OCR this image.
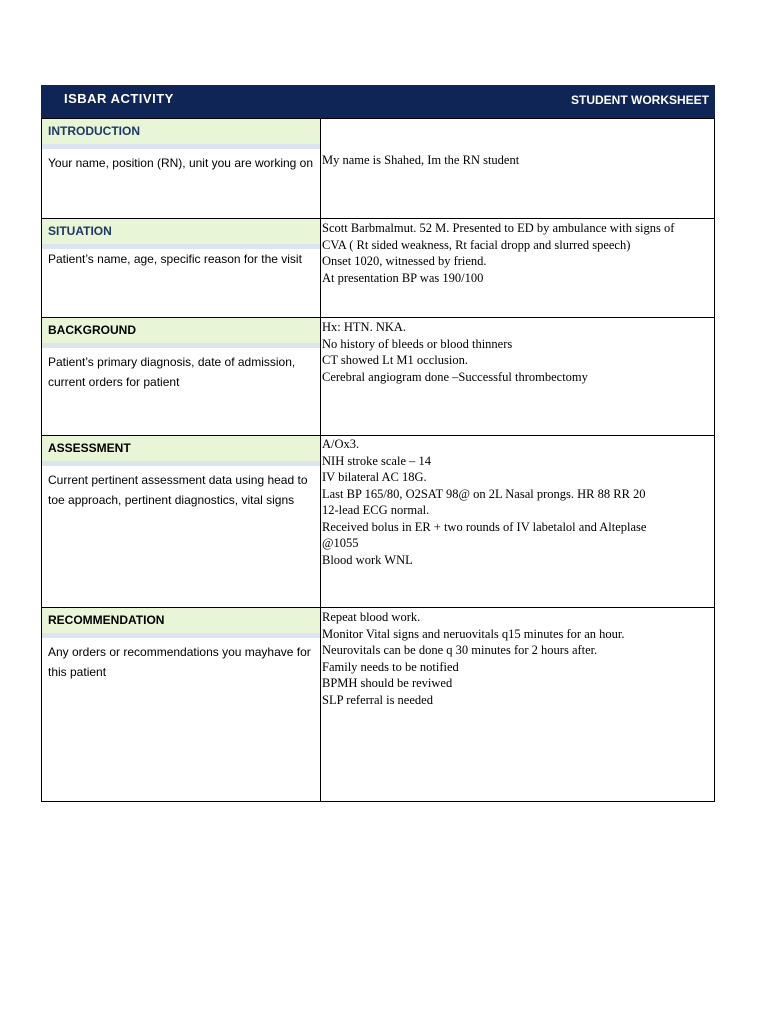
ISBAR ACTIVITY	STUDENT WORKSHEET
INTRODUCTION
Your name, position (RN), unit you are working on My name is Shahed, Im the RN student
SITUATION
Patient’s name, age, specific reason for the visit
Scott Barbmalmut. 52 M. Presented to ED by ambulance with signs of
CVA ( Rt sided weakness, Rt facial dropp and slurred speech)
Onset 1020, witnessed by friend.
At presentation BP was 190/100
BACKGROUND
Patient’s primary diagnosis, date of admission, current orders for patient
Hx: HTN. NKA.
No history of bleeds or blood thinners
CT showed Lt M1 occlusion.
Cerebral angiogram done –Successful thrombectomy
ASSESSMENT
Current pertinent assessment data using head to toe approach, pertinent diagnostics, vital signs
A/Ox3.
NIH stroke scale – 14
IV bilateral AC 18G.
Last BP 165/80, O2SAT 98@ on 2L Nasal prongs. HR 88 RR 20
12-lead ECG normal.
Received bolus in ER + two rounds of IV labetalol and Alteplase
@1055
Blood work WNL
RECOMMENDATION
Any orders or recommendations you mayhave for this patient
Repeat blood work.
Monitor Vital signs and neruovitals q15 minutes for an hour.
Neurovitals can be done q 30 minutes for 2 hours after.
Family needs to be notified
BPMH should be reviwed
SLP referral is needed
